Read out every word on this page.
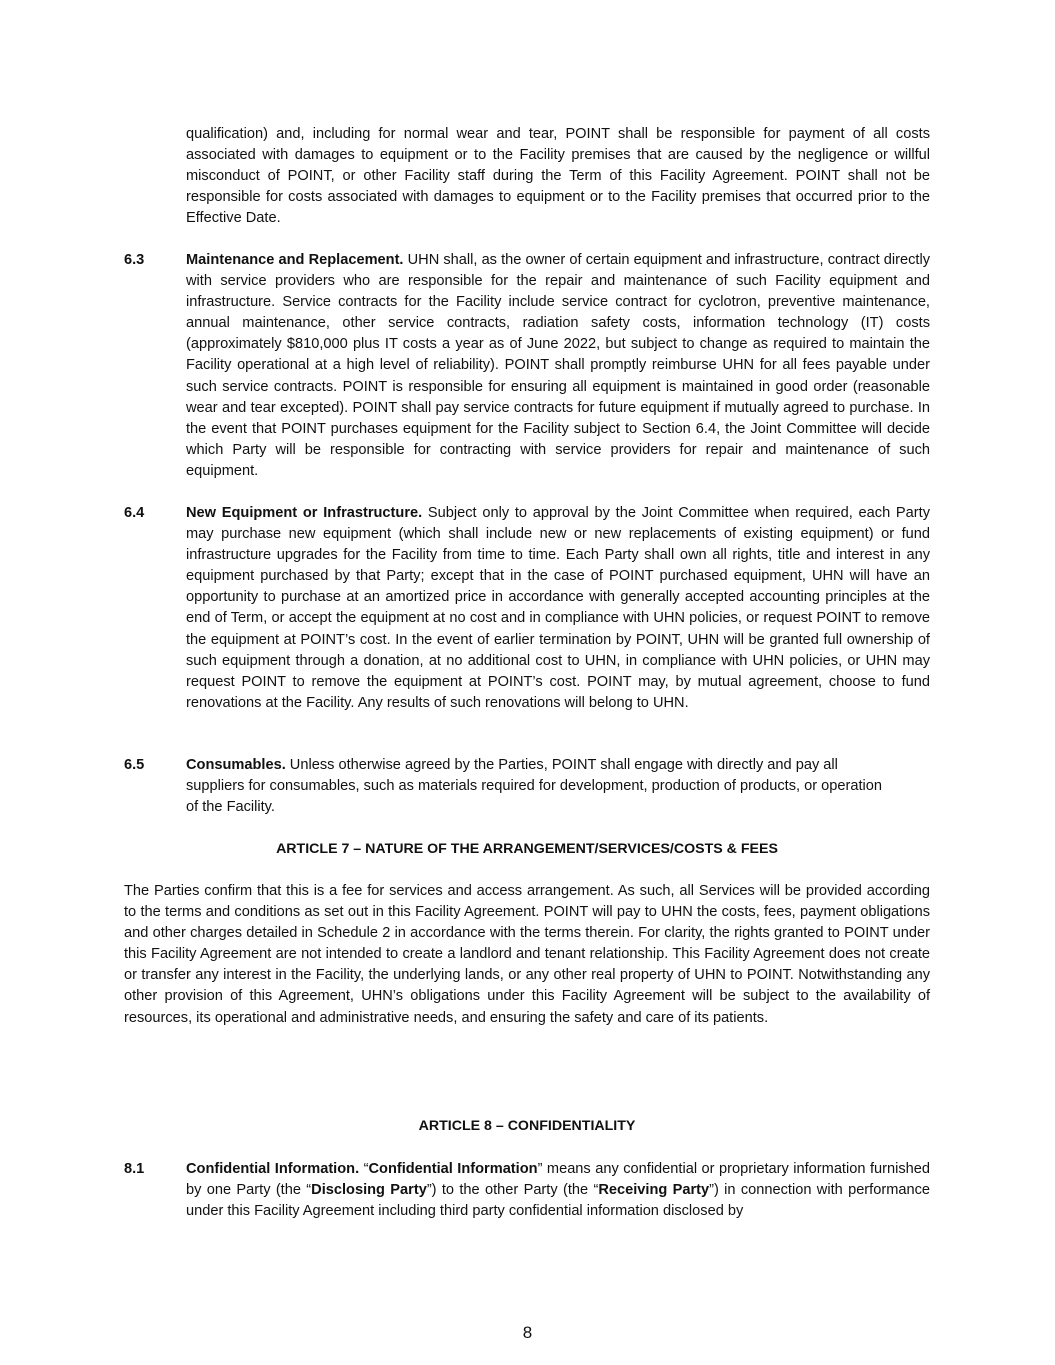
qualification) and, including for normal wear and tear, POINT shall be responsible for payment of all costs associated with damages to equipment or to the Facility premises that are caused by the negligence or willful misconduct of POINT, or other Facility staff during the Term of this Facility Agreement. POINT shall not be responsible for costs associated with damages to equipment or to the Facility premises that occurred prior to the Effective Date.
6.3	Maintenance and Replacement. UHN shall, as the owner of certain equipment and infrastructure, contract directly with service providers who are responsible for the repair and maintenance of such Facility equipment and infrastructure. Service contracts for the Facility include service contract for cyclotron, preventive maintenance, annual maintenance, other service contracts, radiation safety costs, information technology (IT) costs (approximately $810,000 plus IT costs a year as of June 2022, but subject to change as required to maintain the Facility operational at a high level of reliability). POINT shall promptly reimburse UHN for all fees payable under such service contracts. POINT is responsible for ensuring all equipment is maintained in good order (reasonable wear and tear excepted). POINT shall pay service contracts for future equipment if mutually agreed to purchase. In the event that POINT purchases equipment for the Facility subject to Section 6.4, the Joint Committee will decide which Party will be responsible for contracting with service providers for repair and maintenance of such equipment.
6.4	New Equipment or Infrastructure. Subject only to approval by the Joint Committee when required, each Party may purchase new equipment (which shall include new or new replacements of existing equipment) or fund infrastructure upgrades for the Facility from time to time. Each Party shall own all rights, title and interest in any equipment purchased by that Party; except that in the case of POINT purchased equipment, UHN will have an opportunity to purchase at an amortized price in accordance with generally accepted accounting principles at the end of Term, or accept the equipment at no cost and in compliance with UHN policies, or request POINT to remove the equipment at POINT’s cost. In the event of earlier termination by POINT, UHN will be granted full ownership of such equipment through a donation, at no additional cost to UHN, in compliance with UHN policies, or UHN may request POINT to remove the equipment at POINT’s cost. POINT may, by mutual agreement, choose to fund renovations at the Facility. Any results of such renovations will belong to UHN.
6.5	Consumables. Unless otherwise agreed by the Parties, POINT shall engage with directly and pay all suppliers for consumables, such as materials required for development, production of products, or operation of the Facility.
ARTICLE 7 – NATURE OF THE ARRANGEMENT/SERVICES/COSTS & FEES
The Parties confirm that this is a fee for services and access arrangement. As such, all Services will be provided according to the terms and conditions as set out in this Facility Agreement. POINT will pay to UHN the costs, fees, payment obligations and other charges detailed in Schedule 2 in accordance with the terms therein. For clarity, the rights granted to POINT under this Facility Agreement are not intended to create a landlord and tenant relationship. This Facility Agreement does not create or transfer any interest in the Facility, the underlying lands, or any other real property of UHN to POINT. Notwithstanding any other provision of this Agreement, UHN’s obligations under this Facility Agreement will be subject to the availability of resources, its operational and administrative needs, and ensuring the safety and care of its patients.
ARTICLE 8 – CONFIDENTIALITY
8.1	Confidential Information. “Confidential Information” means any confidential or proprietary information furnished by one Party (the “Disclosing Party”) to the other Party (the “Receiving Party”) in connection with performance under this Facility Agreement including third party confidential information disclosed by
8
